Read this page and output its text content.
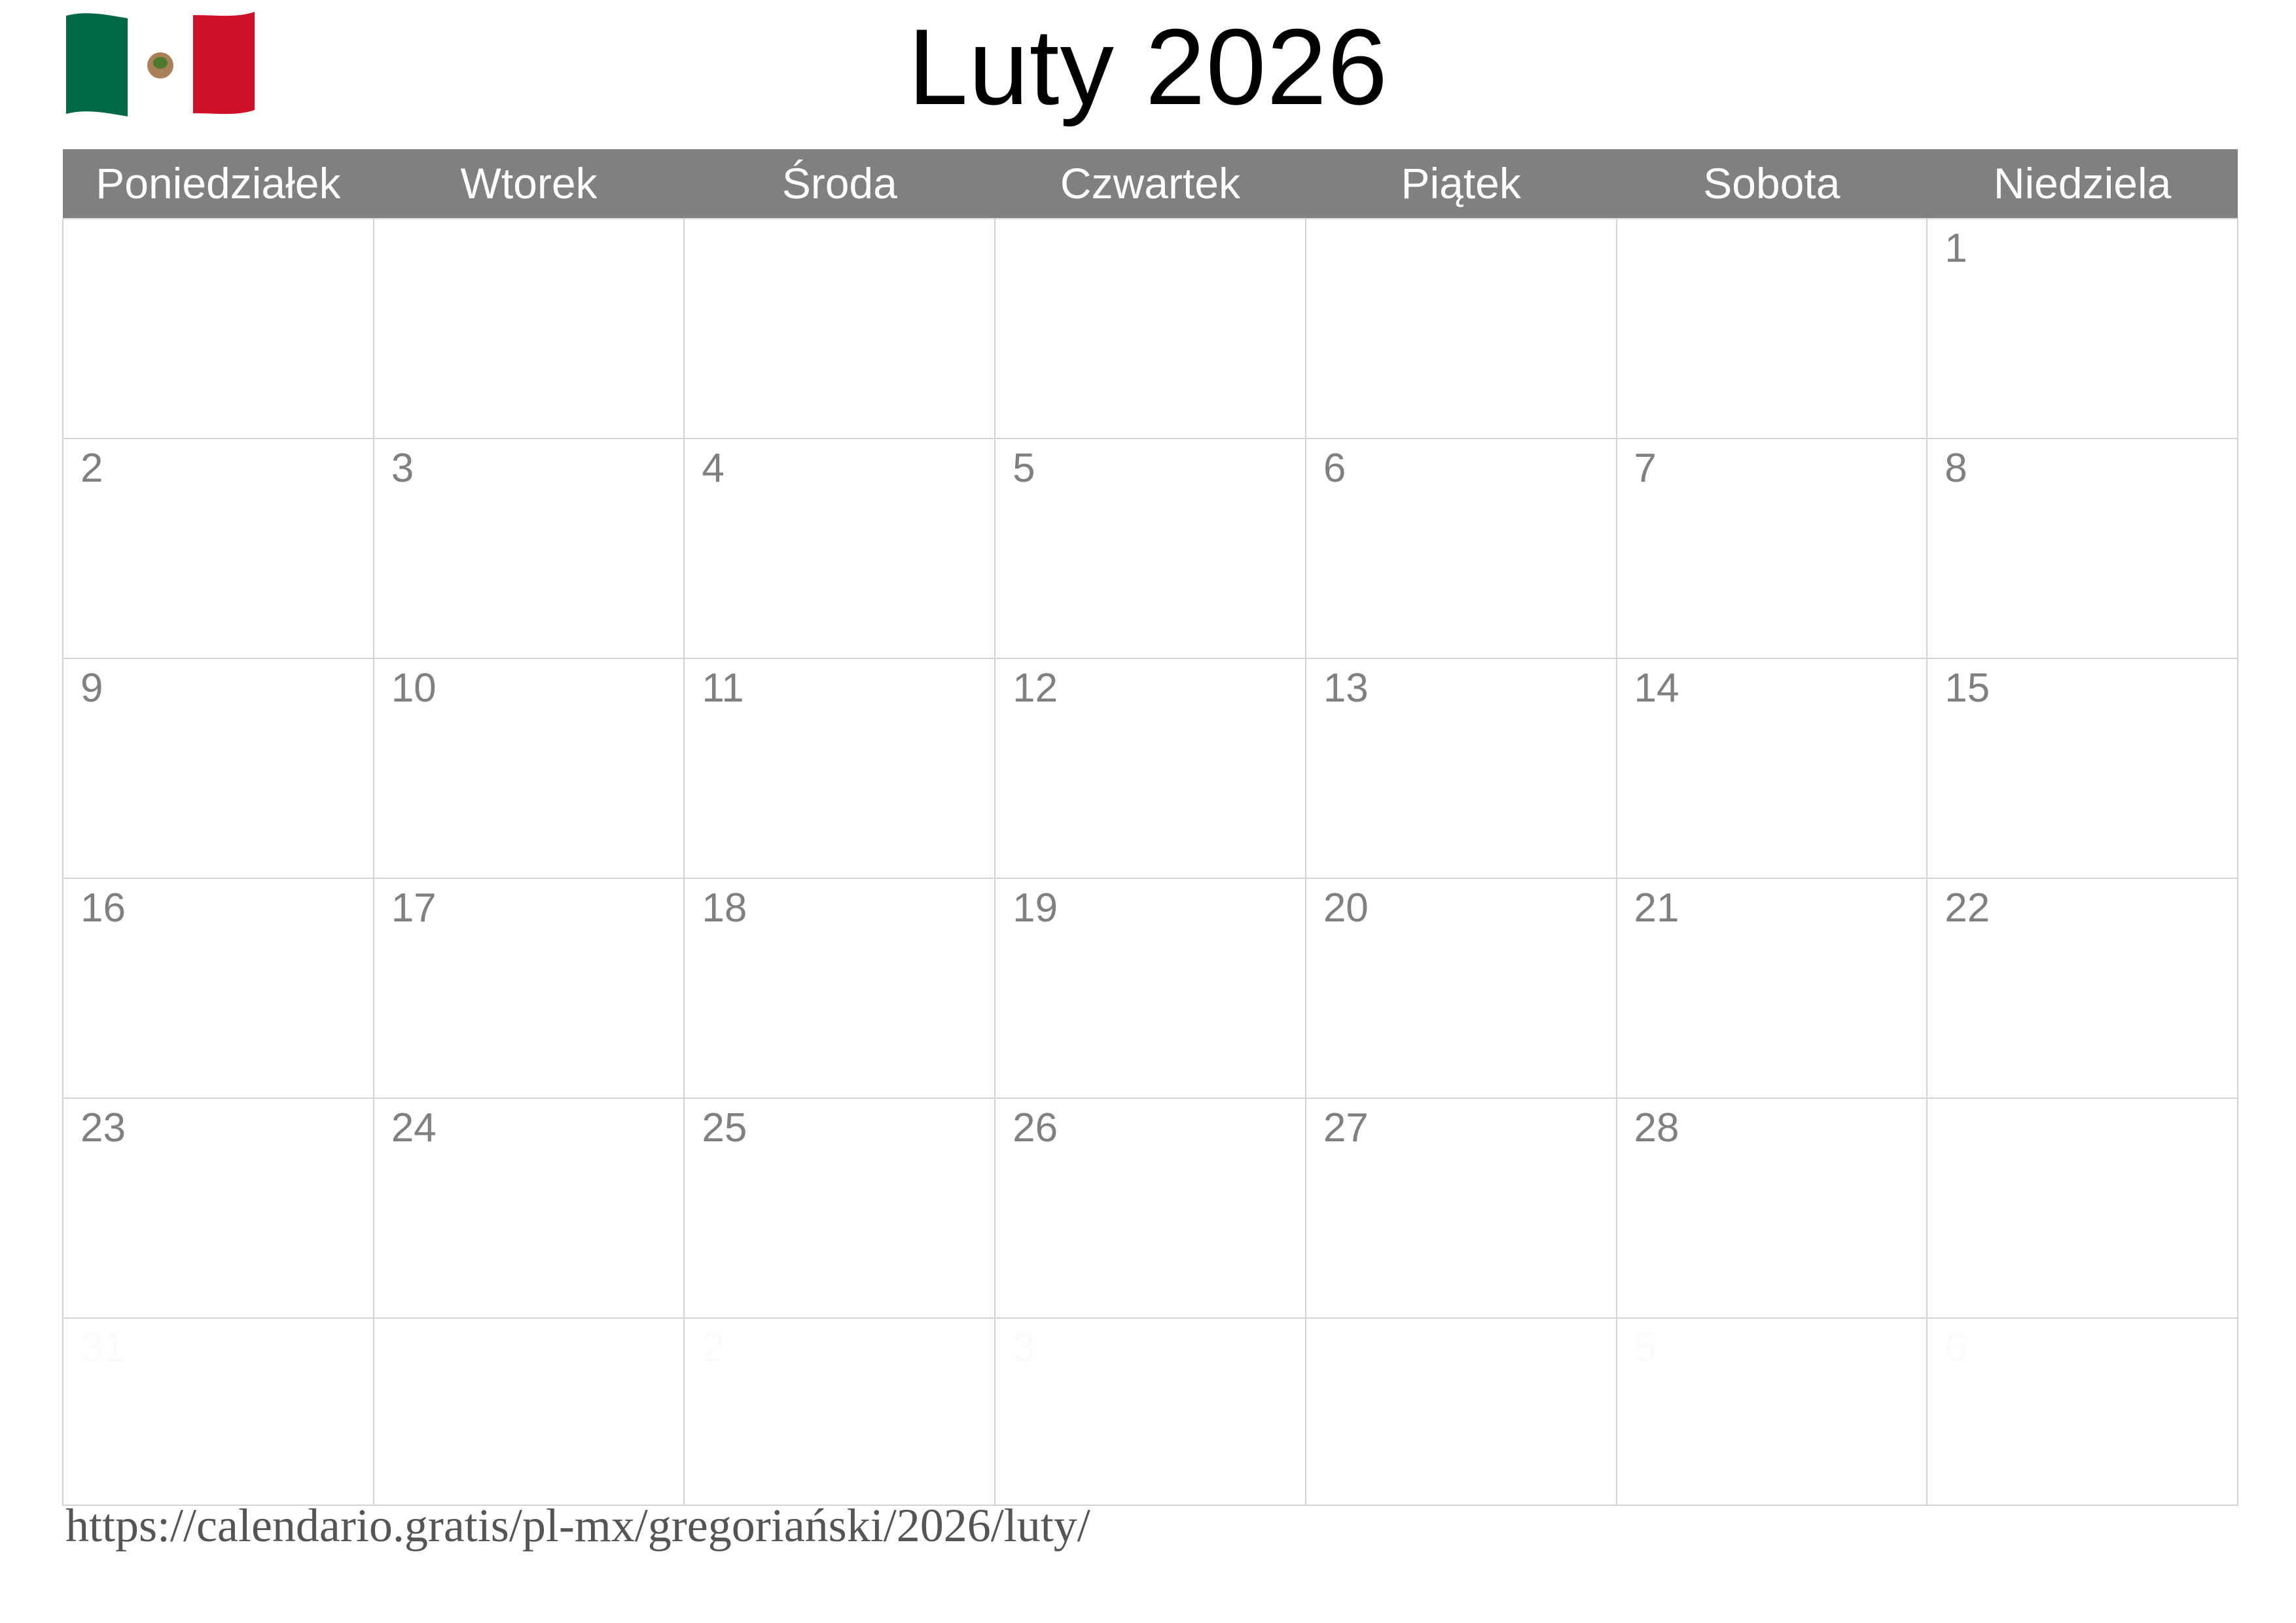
Luty 2026
Poniedziałek	Wtorek	Środa	Czwartek	Piątek	Sobota	Niedziela

						1

2	3	4	5	6	7	8

9	10	11	12	13	14	15

16	17	18	19	20	21	22

23	24	25	26	27	28	

31		2	3		5	6
https://calendario.gratis/pl-mx/gregoriański/2026/luty/
